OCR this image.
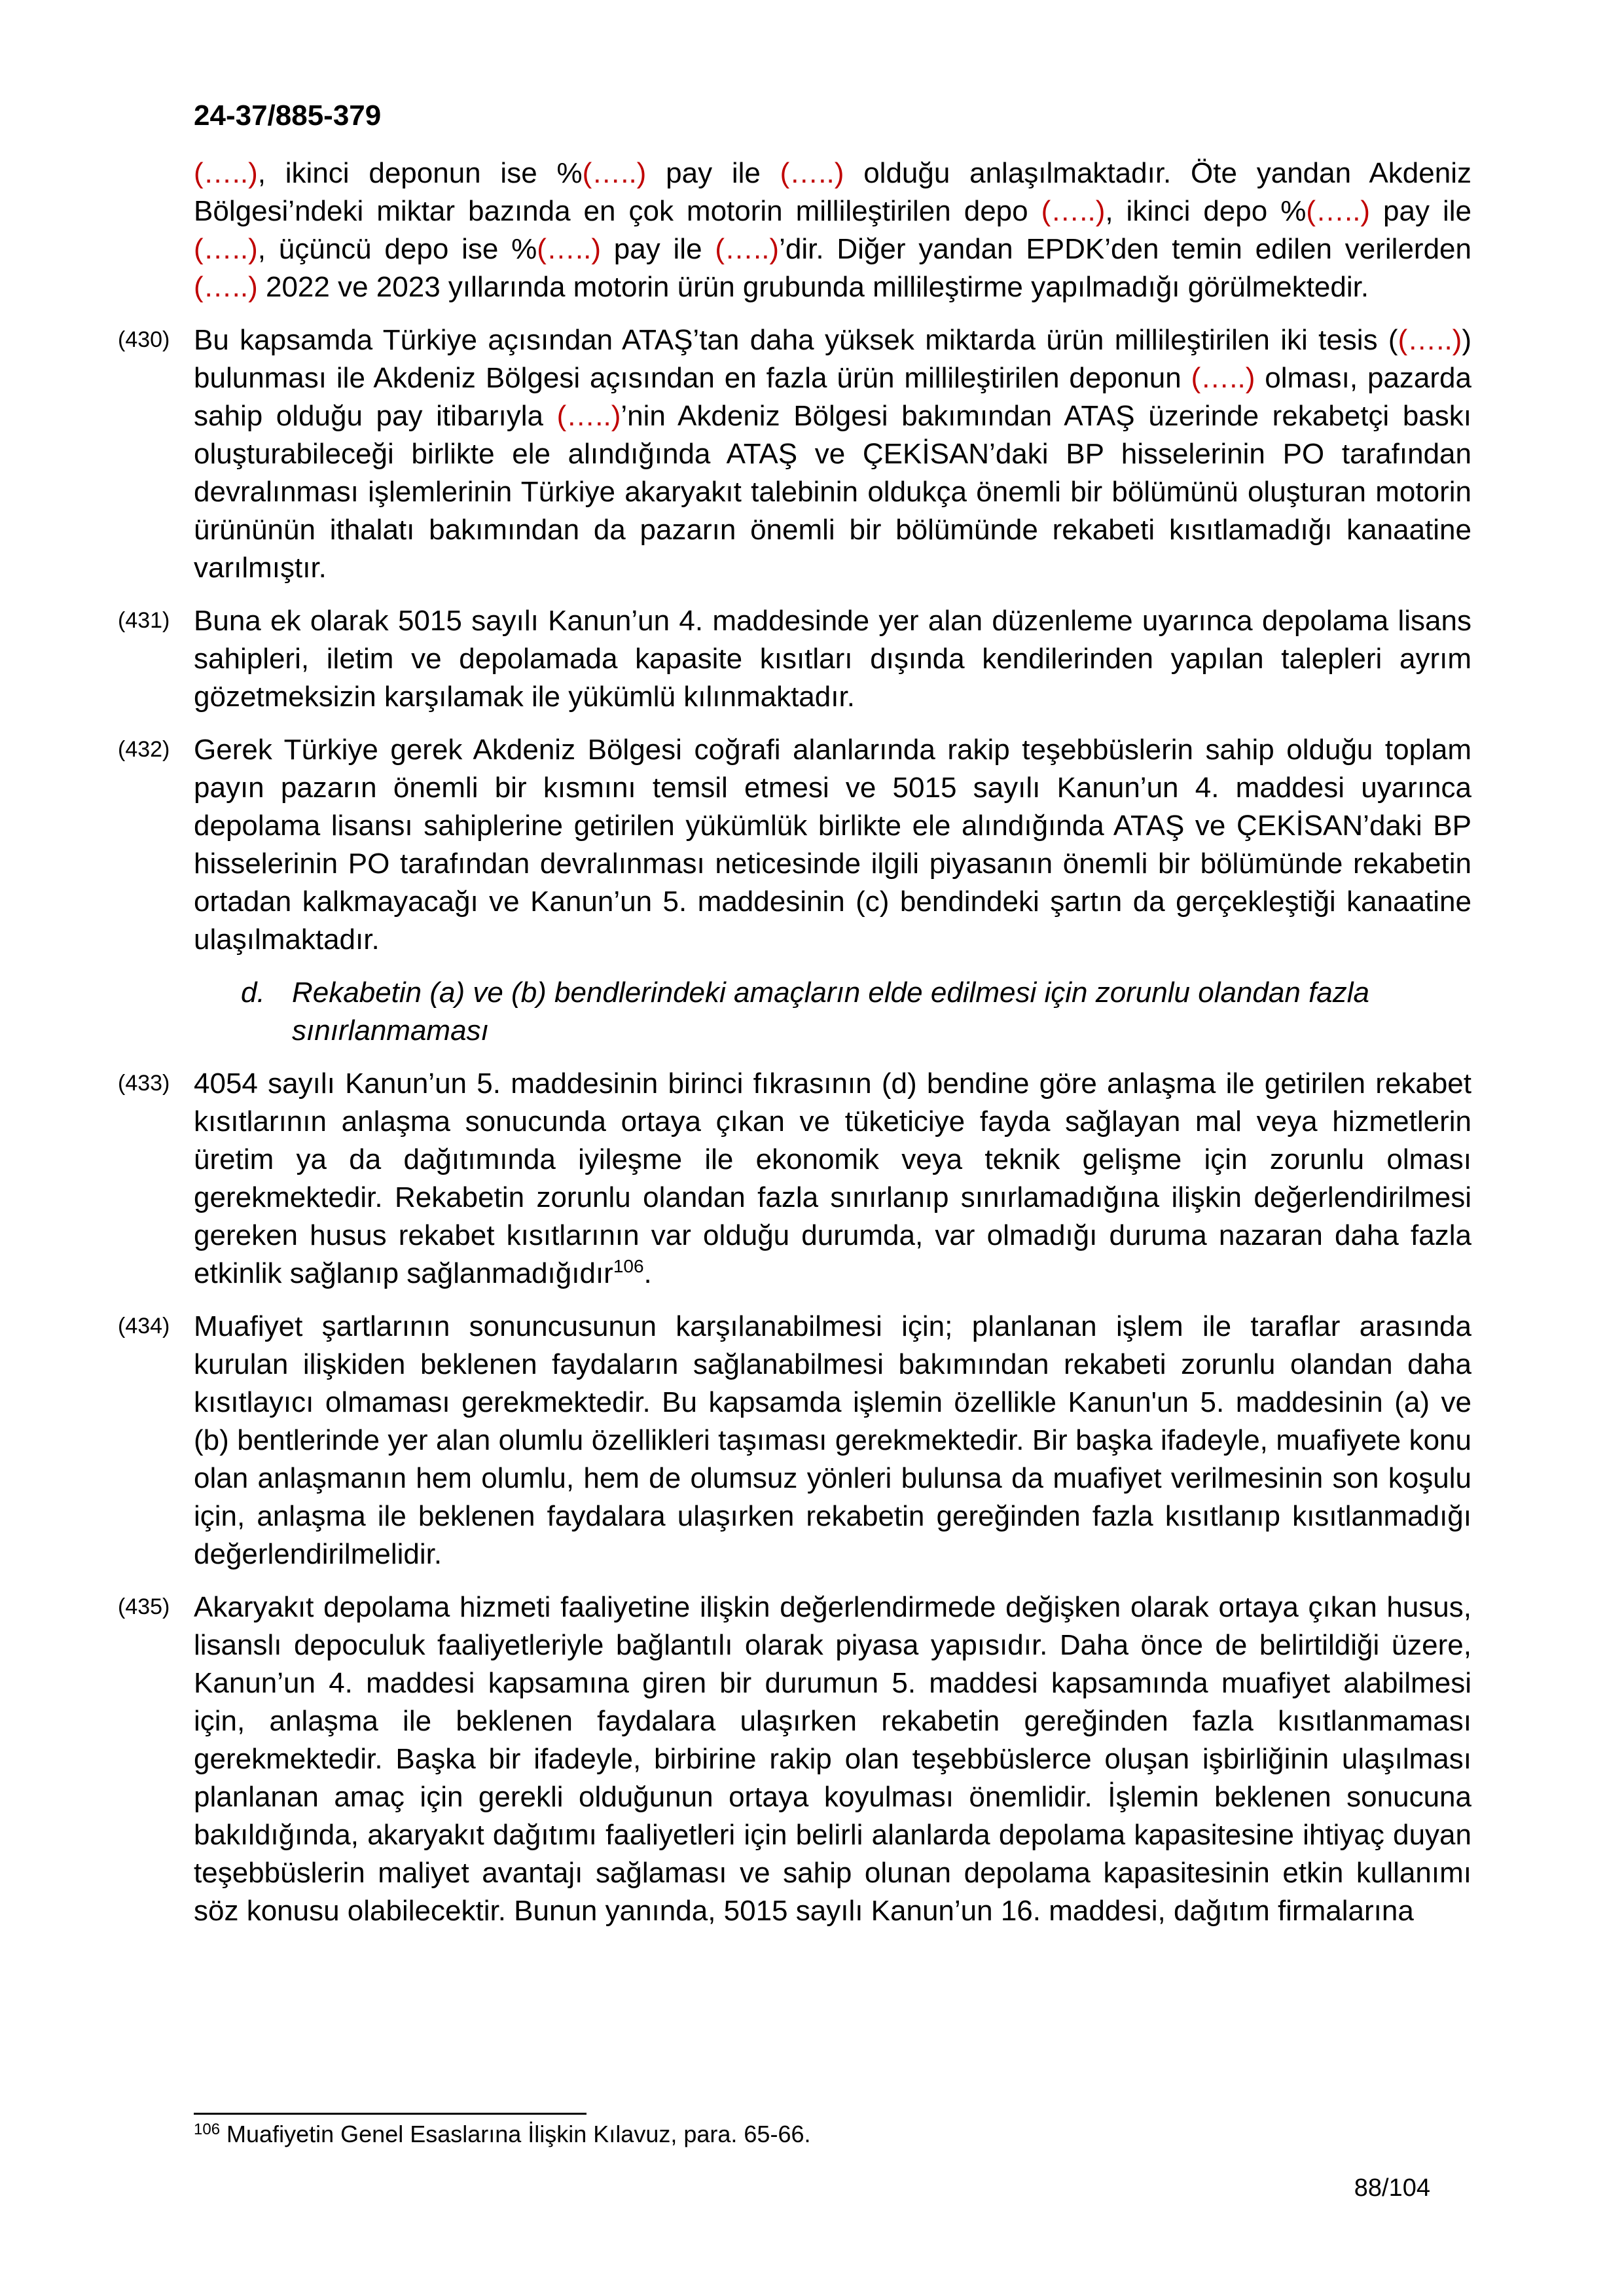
24-37/885-379

(…..), ikinci deponun ise %(…..) pay ile (…..) olduğu anlaşılmaktadır. Öte yandan Akdeniz Bölgesi’ndeki miktar bazında en çok motorin millileştirilen depo (…..), ikinci depo %(…..) pay ile (…..), üçüncü depo ise %(…..) pay ile (…..)’dir. Diğer yandan EPDK’den temin edilen verilerden (…..) 2022 ve 2023 yıllarında motorin ürün grubunda millileştirme yapılmadığı görülmektedir.

(430) Bu kapsamda Türkiye açısından ATAŞ’tan daha yüksek miktarda ürün millileştirilen iki tesis ((…..)) bulunması ile Akdeniz Bölgesi açısından en fazla ürün millileştirilen deponun (…..) olması, pazarda sahip olduğu pay itibarıyla (…..)’nin Akdeniz Bölgesi bakımından ATAŞ üzerinde rekabetçi baskı oluşturabileceği birlikte ele alındığında ATAŞ ve ÇEKİSAN’daki BP hisselerinin PO tarafından devralınması işlemlerinin Türkiye akaryakıt talebinin oldukça önemli bir bölümünü oluşturan motorin ürününün ithalatı bakımından da pazarın önemli bir bölümünde rekabeti kısıtlamadığı kanaatine varılmıştır.

(431) Buna ek olarak 5015 sayılı Kanun’un 4. maddesinde yer alan düzenleme uyarınca depolama lisans sahipleri, iletim ve depolamada kapasite kısıtları dışında kendilerinden yapılan talepleri ayrım gözetmeksizin karşılamak ile yükümlü kılınmaktadır.

(432) Gerek Türkiye gerek Akdeniz Bölgesi coğrafi alanlarında rakip teşebbüslerin sahip olduğu toplam payın pazarın önemli bir kısmını temsil etmesi ve 5015 sayılı Kanun’un 4. maddesi uyarınca depolama lisansı sahiplerine getirilen yükümlük birlikte ele alındığında ATAŞ ve ÇEKİSAN’daki BP hisselerinin PO tarafından devralınması neticesinde ilgili piyasanın önemli bir bölümünde rekabetin ortadan kalkmayacağı ve Kanun’un 5. maddesinin (c) bendindeki şartın da gerçekleştiği kanaatine ulaşılmaktadır.

d. Rekabetin (a) ve (b) bendlerindeki amaçların elde edilmesi için zorunlu olandan fazla sınırlanmaması

(433) 4054 sayılı Kanun’un 5. maddesinin birinci fıkrasının (d) bendine göre anlaşma ile getirilen rekabet kısıtlarının anlaşma sonucunda ortaya çıkan ve tüketiciye fayda sağlayan mal veya hizmetlerin üretim ya da dağıtımında iyileşme ile ekonomik veya teknik gelişme için zorunlu olması gerekmektedir. Rekabetin zorunlu olandan fazla sınırlanıp sınırlamadığına ilişkin değerlendirilmesi gereken husus rekabet kısıtlarının var olduğu durumda, var olmadığı duruma nazaran daha fazla etkinlik sağlanıp sağlanmadığıdır$^{106}$.

(434) Muafiyet şartlarının sonuncusunun karşılanabilmesi için; planlanan işlem ile taraflar arasında kurulan ilişkiden beklenen faydaların sağlanabilmesi bakımından rekabeti zorunlu olandan daha kısıtlayıcı olmaması gerekmektedir. Bu kapsamda işlemin özellikle Kanun'un 5. maddesinin (a) ve (b) bentlerinde yer alan olumlu özellikleri taşıması gerekmektedir. Bir başka ifadeyle, muafiyete konu olan anlaşmanın hem olumlu, hem de olumsuz yönleri bulunsa da muafiyet verilmesinin son koşulu için, anlaşma ile beklenen faydalara ulaşırken rekabetin gereğinden fazla kısıtlanıp kısıtlanmadığı değerlendirilmelidir.

(435) Akaryakıt depolama hizmeti faaliyetine ilişkin değerlendirmede değişken olarak ortaya çıkan husus, lisanslı depoculuk faaliyetleriyle bağlantılı olarak piyasa yapısıdır. Daha önce de belirtildiği üzere, Kanun’un 4. maddesi kapsamına giren bir durumun 5. maddesi kapsamında muafiyet alabilmesi için, anlaşma ile beklenen faydalara ulaşırken rekabetin gereğinden fazla kısıtlanmaması gerekmektedir. Başka bir ifadeyle, birbirine rakip olan teşebbüslerce oluşan işbirliğinin ulaşılması planlanan amaç için gerekli olduğunun ortaya koyulması önemlidir. İşlemin beklenen sonucuna bakıldığında, akaryakıt dağıtımı faaliyetleri için belirli alanlarda depolama kapasitesine ihtiyaç duyan teşebbüslerin maliyet avantajı sağlaması ve sahip olunan depolama kapasitesinin etkin kullanımı söz konusu olabilecektir. Bunun yanında, 5015 sayılı Kanun’un 16. maddesi, dağıtım firmalarına

$^{106}$ Muafiyetin Genel Esaslarına İlişkin Kılavuz, para. 65-66.
88/104
